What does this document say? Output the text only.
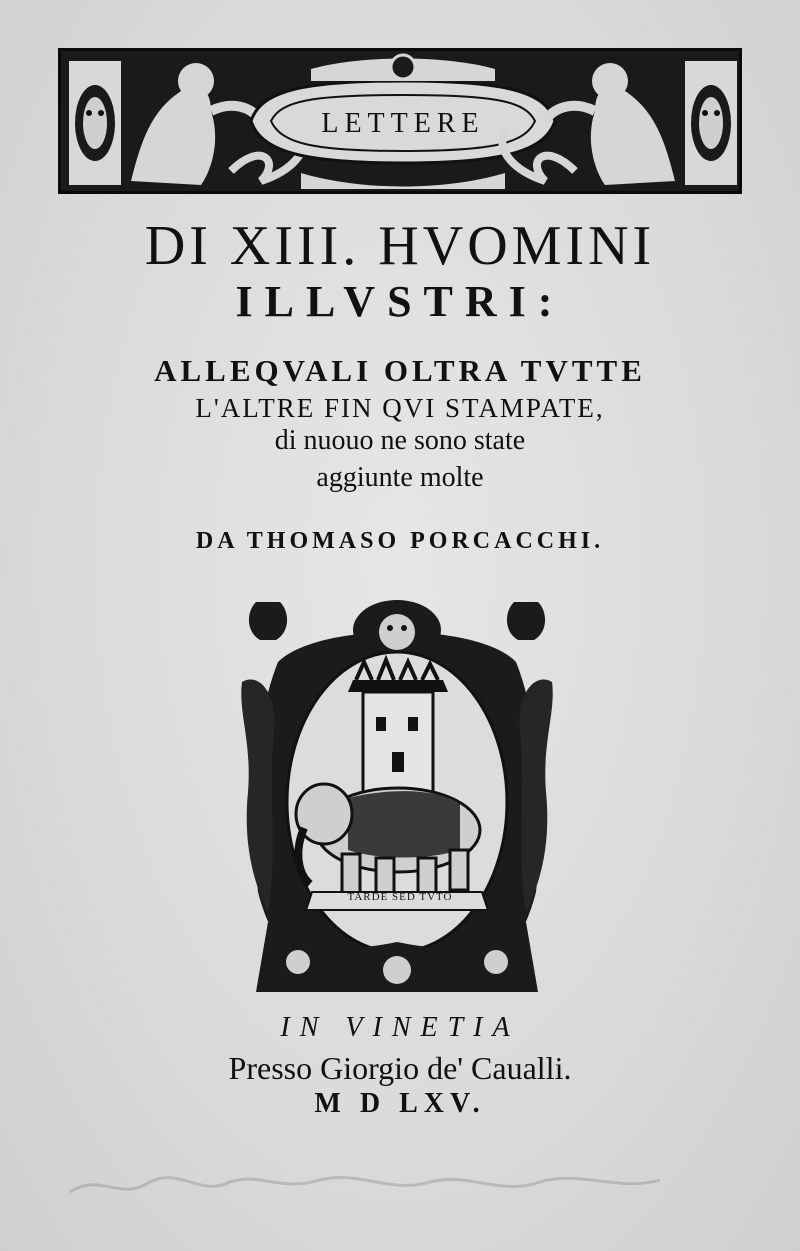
LETTERE
DI XIII. HVOMINI
ILLVSTRI:
ALLEQVALI OLTRA TVTTE
L'ALTRE FIN QVI STAMPATE,
di nuouo ne sono state
aggiunte molte
DA THOMASO PORCACCHI.
TARDE SED TVTO
IN VINETIA
Presso Giorgio de' Caualli.
M D LXV.
